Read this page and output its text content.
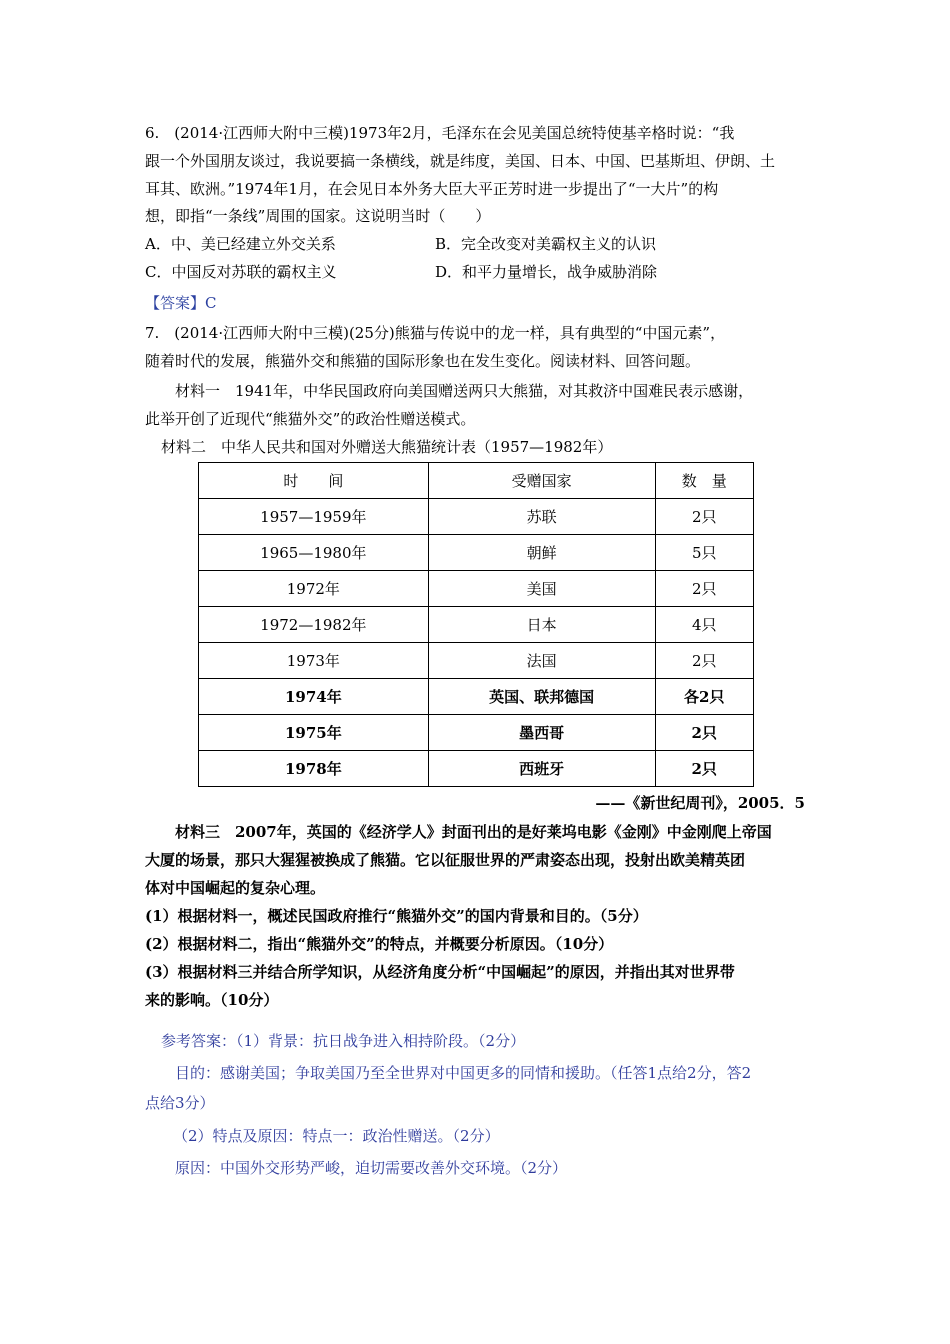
6.　(2014·江西师大附中三模)1973年2月，毛泽东在会见美国总统特使基辛格时说：“我
跟一个外国朋友谈过，我说要搞一条横线，就是纬度，美国、日本、中国、巴基斯坦、伊朗、土
耳其、欧洲。”1974年1月，在会见日本外务大臣大平正芳时进一步提出了“一大片”的构
想，即指“一条线”周围的国家。这说明当时（　　）
A．中、美已经建立外交关系	B．完全改变对美霸权主义的认识
C．中国反对苏联的霸权主义	D．和平力量增长，战争威胁消除
【答案】C
7.　(2014·江西师大附中三模)(25分)熊猫与传说中的龙一样，具有典型的“中国元素”，
随着时代的发展，熊猫外交和熊猫的国际形象也在发生变化。阅读材料、回答问题。
材料一　1941年，中华民国政府向美国赠送两只大熊猫，对其救济中国难民表示感谢，
此举开创了近现代“熊猫外交”的政治性赠送模式。
材料二　中华人民共和国对外赠送大熊猫统计表（1957—1982年）
时　　间	受赠国家	数　量
1957—1959年	苏联	2只
1965—1980年	朝鲜	5只
1972年	美国	2只
1972—1982年	日本	4只
1973年	法国	2只
1974年	英国、联邦德国	各2只
1975年	墨西哥	2只
1978年	西班牙	2只
——《新世纪周刊》，2005．5
材料三　2007年，英国的《经济学人》封面刊出的是好莱坞电影《金刚》中金刚爬上帝国
大厦的场景，那只大猩猩被换成了熊猫。它以征服世界的严肃姿态出现，投射出欧美精英团
体对中国崛起的复杂心理。
(1）根据材料一，概述民国政府推行“熊猫外交”的国内背景和目的。（5分）
(2）根据材料二，指出“熊猫外交”的特点，并概要分析原因。（10分）
(3）根据材料三并结合所学知识，从经济角度分析“中国崛起”的原因，并指出其对世界带
来的影响。（10分）
参考答案：（1）背景：抗日战争进入相持阶段。（2分）
目的：感谢美国；争取美国乃至全世界对中国更多的同情和援助。（任答1点给2分，答2
点给3分）
（2）特点及原因：特点一：政治性赠送。（2分）
原因：中国外交形势严峻，迫切需要改善外交环境。（2分）
